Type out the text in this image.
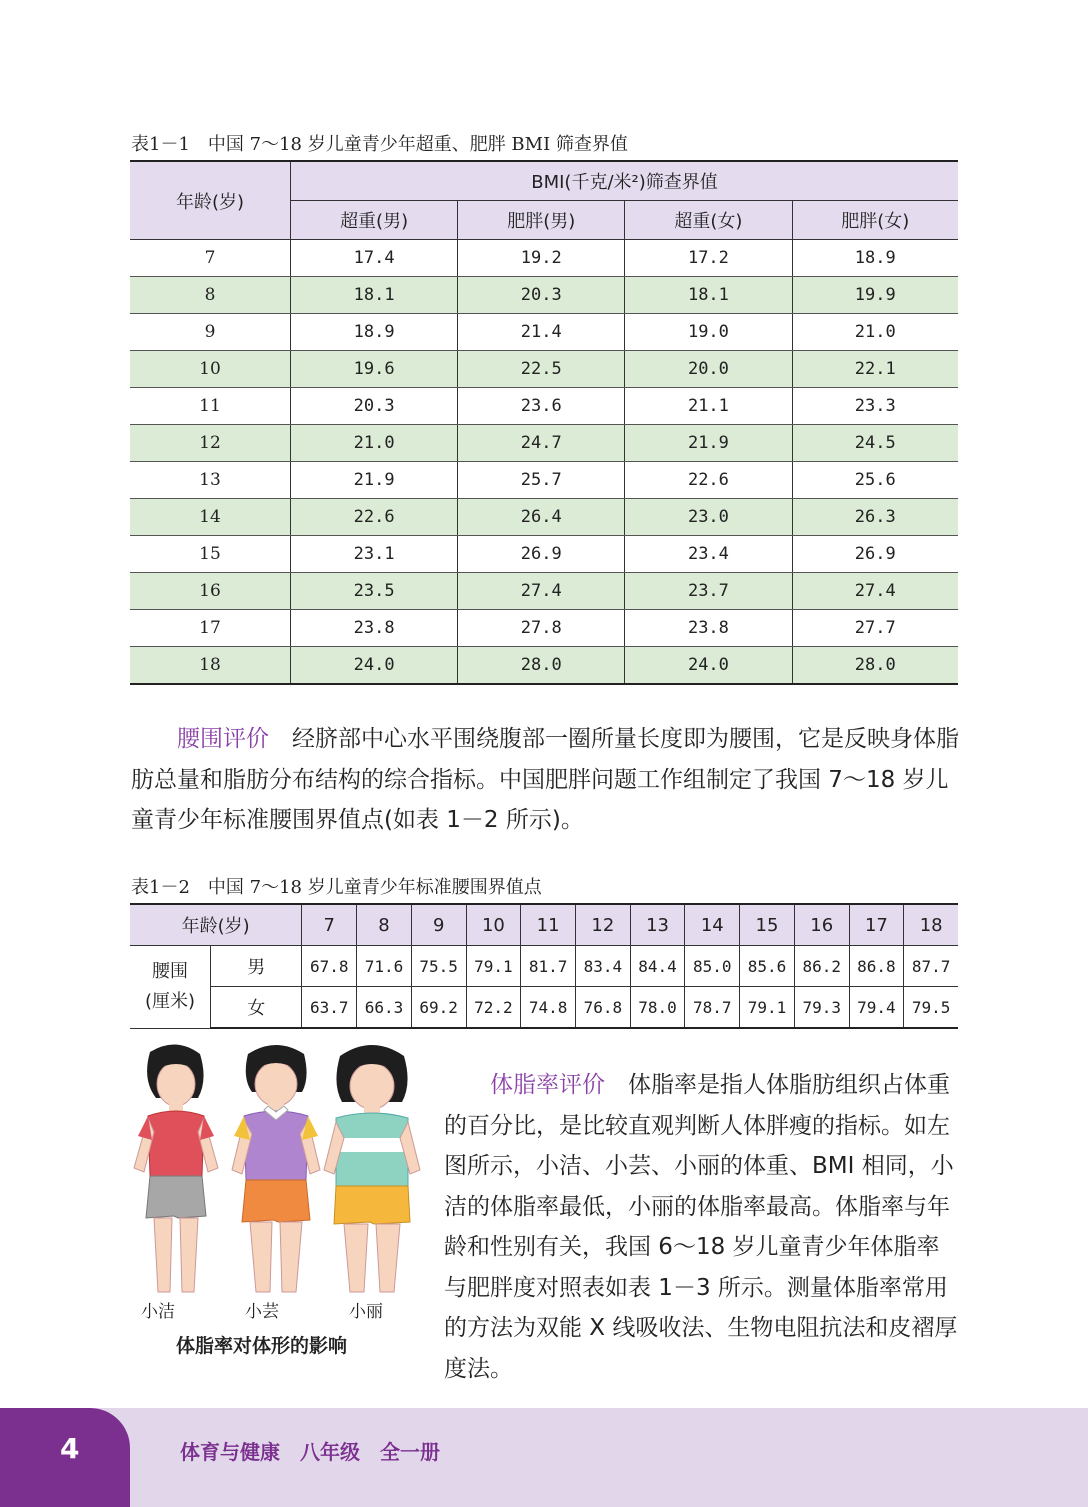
表1－1　中国 7～18 岁儿童青少年超重、肥胖 BMI 筛查界值
年龄(岁)	BMI(千克/米²)筛查界值			
	超重(男)	肥胖(男)	超重(女)	肥胖(女)
7	17.4	19.2	17.2	18.9
8	18.1	20.3	18.1	19.9
9	18.9	21.4	19.0	21.0
10	19.6	22.5	20.0	22.1
11	20.3	23.6	21.1	23.3
12	21.0	24.7	21.9	24.5
13	21.9	25.7	22.6	25.6
14	22.6	26.4	23.0	26.3
15	23.1	26.9	23.4	26.9
16	23.5	27.4	23.7	27.4
17	23.8	27.8	23.8	27.7
18	24.0	28.0	24.0	28.0
腰围评价　经脐部中心水平围绕腹部一圈所量长度即为腰围，它是反映身体脂肪总量和脂肪分布结构的综合指标。中国肥胖问题工作组制定了我国 7～18 岁儿童青少年标准腰围界值点(如表 1－2 所示)。
表1－2　中国 7～18 岁儿童青少年标准腰围界值点
年龄(岁)		7	8	9	10	11	12	13	14	15	16	17	18
腰围
(厘米)	男	67.8	71.6	75.5	79.1	81.7	83.4	84.4	85.0	85.6	86.2	86.8	87.7
	女	63.7	66.3	69.2	72.2	74.8	76.8	78.0	78.7	79.1	79.3	79.4	79.5
小洁	小芸	小丽
体脂率对体形的影响
体脂率评价　体脂率是指人体脂肪组织占体重的百分比，是比较直观判断人体胖瘦的指标。如左图所示，小洁、小芸、小丽的体重、BMI 相同，小洁的体脂率最低，小丽的体脂率最高。体脂率与年龄和性别有关，我国 6～18 岁儿童青少年体脂率与肥胖度对照表如表 1－3 所示。测量体脂率常用的方法为双能 X 线吸收法、生物电阻抗法和皮褶厚度法。
4	体育与健康　八年级　全一册
